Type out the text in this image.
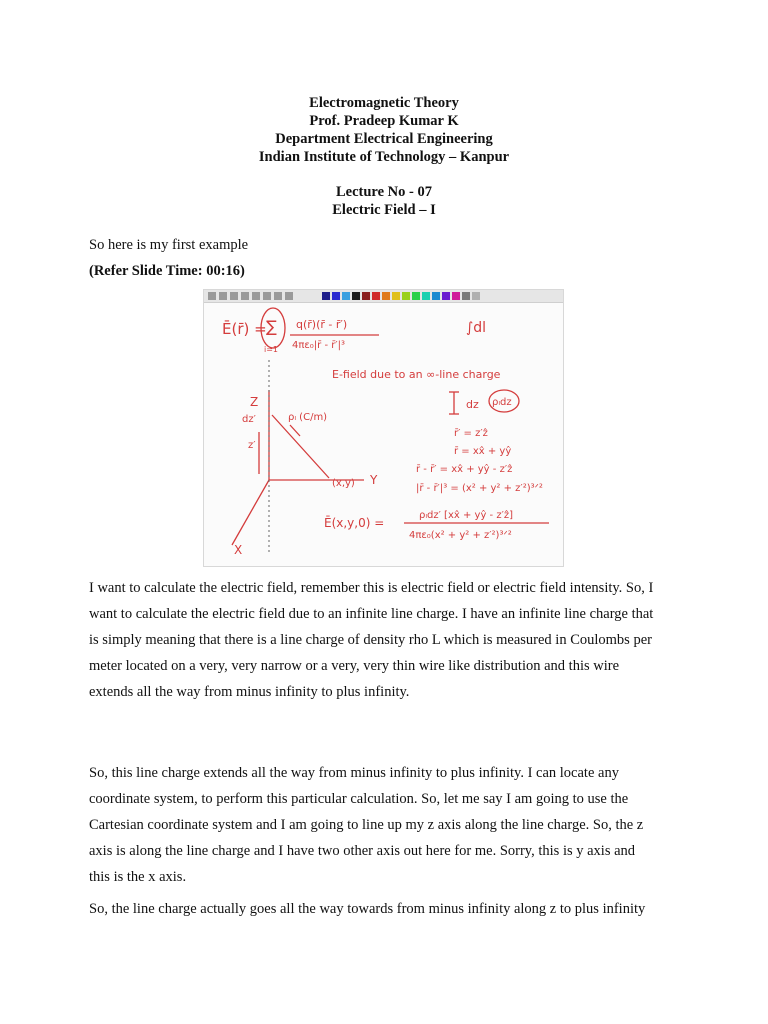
Electromagnetic Theory
Prof. Pradeep Kumar K
Department Electrical Engineering
Indian Institute of Technology – Kanpur
Lecture No - 07
Electric Field – I
So here is my first example
(Refer Slide Time: 00:16)
Ē(r̄) = ∑
i=1
q(r̄)(r̄ - r̄′)
4πε₀|r̄ - r̄′|³
∫dl
E-field due to an ∞-line charge
dz ρₗdz
r̄′ = z′ẑ
r̄ = xx̂ + yŷ
r̄ - r̄′ = xx̂ + yŷ - z′ẑ
|r̄ - r̄′|³ = (x² + y² + z′²)³ᐟ²
Ē(x,y,0) =
ρₗdz′ [xx̂ + yŷ - z′ẑ]
4πε₀(x² + y² + z′²)³ᐟ²
Z
Y
X
dz′
z′
ρₗ (C/m)
(x,y)
I want to calculate the electric field, remember this is electric field or electric field intensity. So, I
want to calculate the electric field due to an infinite line charge. I have an infinite line charge that
is simply meaning that there is a line charge of density rho L which is measured in Coulombs per
meter located on a very, very narrow or a very, very thin wire like distribution and this wire
extends all the way from minus infinity to plus infinity.
So, this line charge extends all the way from minus infinity to plus infinity. I can locate any
coordinate system, to perform this particular calculation. So, let me say I am going to use the
Cartesian coordinate system and I am going to line up my z axis along the line charge. So, the z
axis is along the line charge and I have two other axis out here for me. Sorry, this is y axis and
this is the x axis.
So, the line charge actually goes all the way towards from minus infinity along z to plus infinity
